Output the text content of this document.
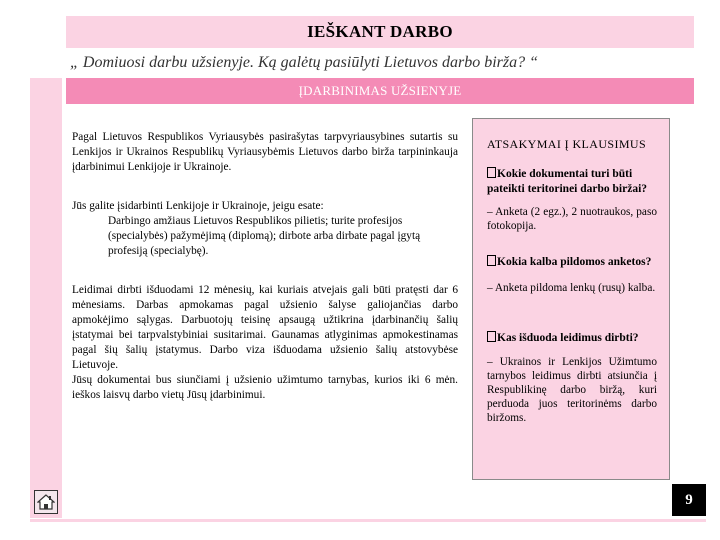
IEŠKANT DARBO
„ Domiuosi darbu užsienyje. Ką galėtų pasiūlyti Lietuvos darbo birža? “
ĮDARBINIMAS UŽSIENYJE

Pagal Lietuvos Respublikos Vyriausybės pasirašytas tarpvyriausybines sutartis su Lenkijos ir Ukrainos Respublikų Vyriausybėmis Lietuvos darbo birža tarpininkauja įdarbinimui Lenkijoje ir Ukrainoje.

Jūs galite įsidarbinti Lenkijoje ir Ukrainoje, jeigu esate:

Darbingo amžiaus Lietuvos Respublikos pilietis; turite profesijos (specialybės) pažymėjimą (diplomą); dirbote arba dirbate pagal įgytą profesiją (specialybę).

Leidimai dirbti išduodami 12 mėnesių, kai kuriais atvejais gali būti pratęsti dar 6 mėnesiams. Darbas apmokamas pagal užsienio šalyse galiojančias darbo apmokėjimo sąlygas. Darbuotojų teisinę apsaugą užtikrina įdarbinančių šalių įstatymai bei tarpvalstybiniai susitarimai. Gaunamas atlyginimas apmokestinamas pagal šių šalių įstatymus. Darbo viza išduodama užsienio šalių atstovybėse Lietuvoje.

Jūsų dokumentai bus siunčiami į užsienio užimtumo tarnybas, kurios iki 6 mėn. ieškos laisvų darbo vietų Jūsų įdarbinimui.

ATSAKYMAI Į KLAUSIMUS
Kokie dokumentai turi būti pateikti teritorinei darbo biržai?
– Anketa (2 egz.), 2 nuotraukos, paso fotokopija.
Kokia kalba pildomos anketos?
– Anketa pildoma lenkų (rusų) kalba.
Kas išduoda leidimus dirbti?
– Ukrainos ir Lenkijos Užimtumo tarnybos leidimus dirbti atsiunčia į Respublikinę darbo biržą, kuri perduoda juos teritorinėms darbo biržoms.
9
